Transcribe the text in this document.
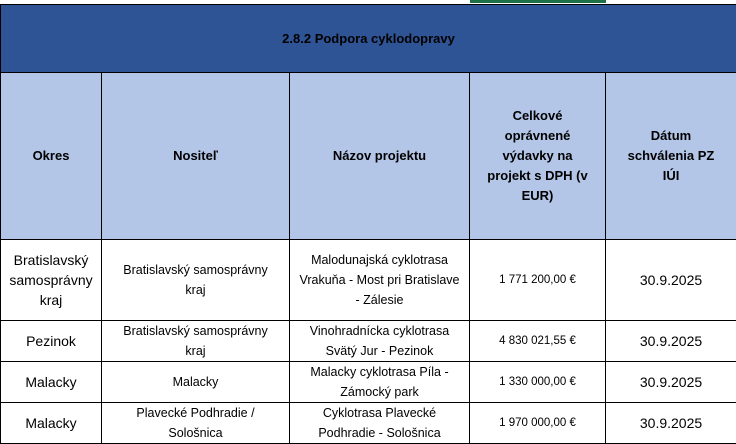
2.8.2 Podpora cyklodopravy				
Okres	Nositeľ	Názov projektu	Celkové oprávnené výdavky na projekt s DPH (v EUR)	Dátum schválenia PZ IÚI
Bratislavský samosprávny kraj	Bratislavský samosprávny kraj	Malodunajská cyklotrasa Vrakuňa - Most pri Bratislave - Zálesie	1 771 200,00 €	30.9.2025
Pezinok	Bratislavský samosprávny kraj	Vinohradnícka cyklotrasa Svätý Jur - Pezinok	4 830 021,55 €	30.9.2025
Malacky	Malacky	Malacky cyklotrasa Píla - Zámocký park	1 330 000,00 €	30.9.2025
Malacky	Plavecké Podhradie / Sološnica	Cyklotrasa Plavecké Podhradie - Sološnica	1 970 000,00 €	30.9.2025
